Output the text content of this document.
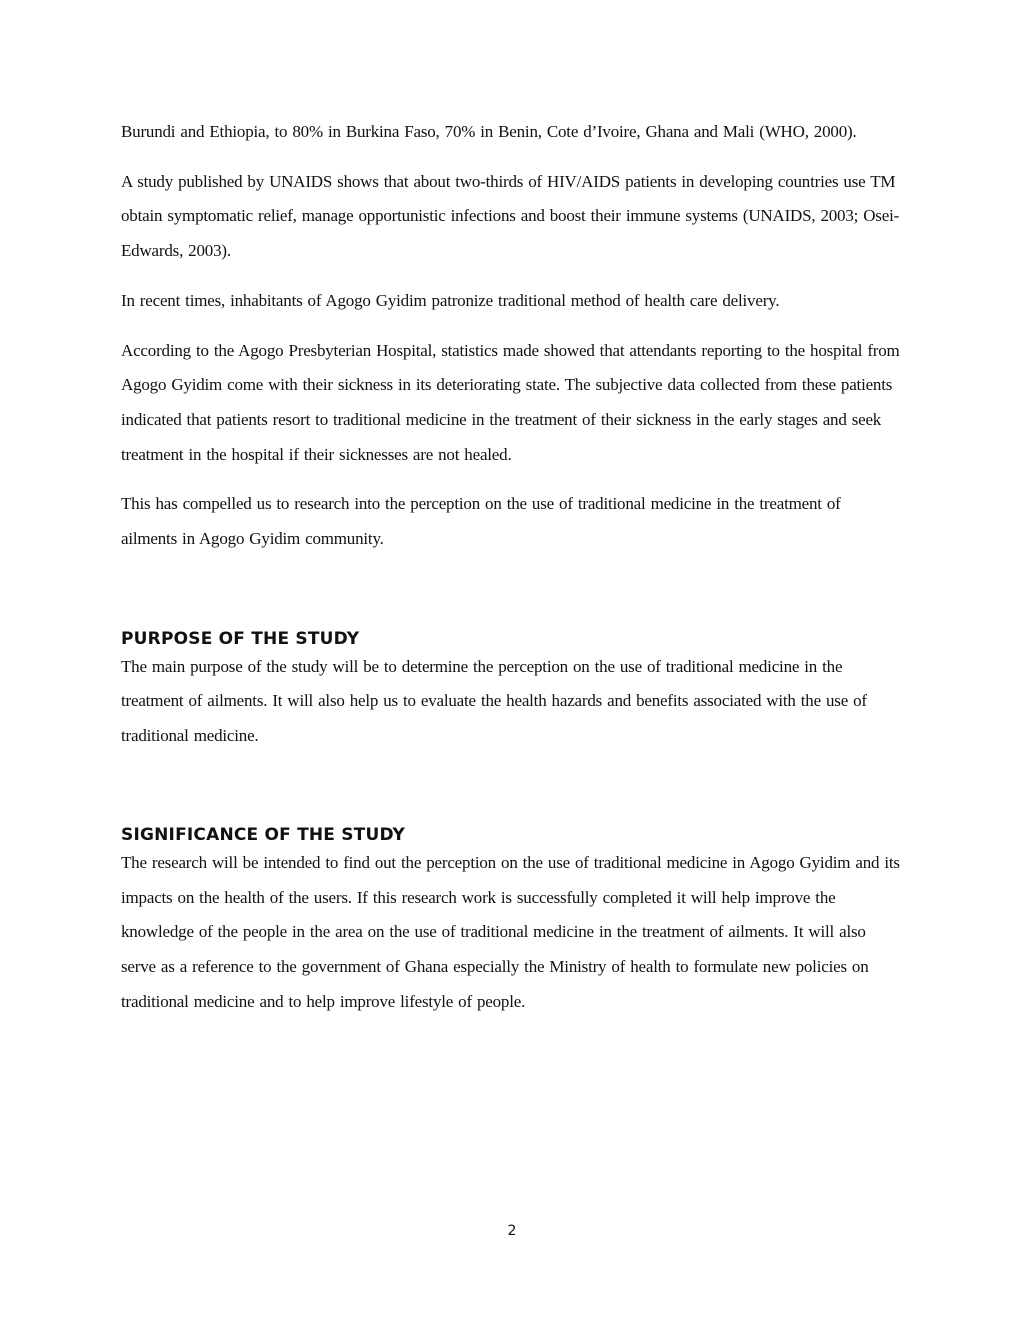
Burundi and Ethiopia, to 80% in Burkina Faso, 70% in Benin, Cote d’Ivoire, Ghana and Mali (WHO, 2000).

A study published by UNAIDS shows that about two-thirds of HIV/AIDS patients in developing countries use TM obtain symptomatic relief, manage opportunistic infections and boost their immune systems (UNAIDS, 2003; Osei-Edwards, 2003).

In recent times, inhabitants of Agogo Gyidim patronize traditional method of health care delivery.

According to the Agogo Presbyterian Hospital, statistics made showed that attendants reporting to the hospital from Agogo Gyidim come with their sickness in its deteriorating state. The subjective data collected from these patients indicated that patients resort to traditional medicine in the treatment of their sickness in the early stages and seek treatment in the hospital if their sicknesses are not healed.

This has compelled us to research into the perception on the use of traditional medicine in the treatment of ailments in Agogo Gyidim community.

PURPOSE OF THE STUDY

The main purpose of the study will be to determine the perception on the use of traditional medicine in the treatment of ailments. It will also help us to evaluate the health hazards and benefits associated with the use of traditional medicine.

SIGNIFICANCE OF THE STUDY

The research will be intended to find out the perception on the use of traditional medicine in Agogo Gyidim and its impacts on the health of the users. If this research work is successfully completed it will help improve the knowledge of the people in the area on the use of traditional medicine in the treatment of ailments. It will also serve as a reference to the government of Ghana especially the Ministry of health to formulate new policies on traditional medicine and to help improve lifestyle of people.

2
